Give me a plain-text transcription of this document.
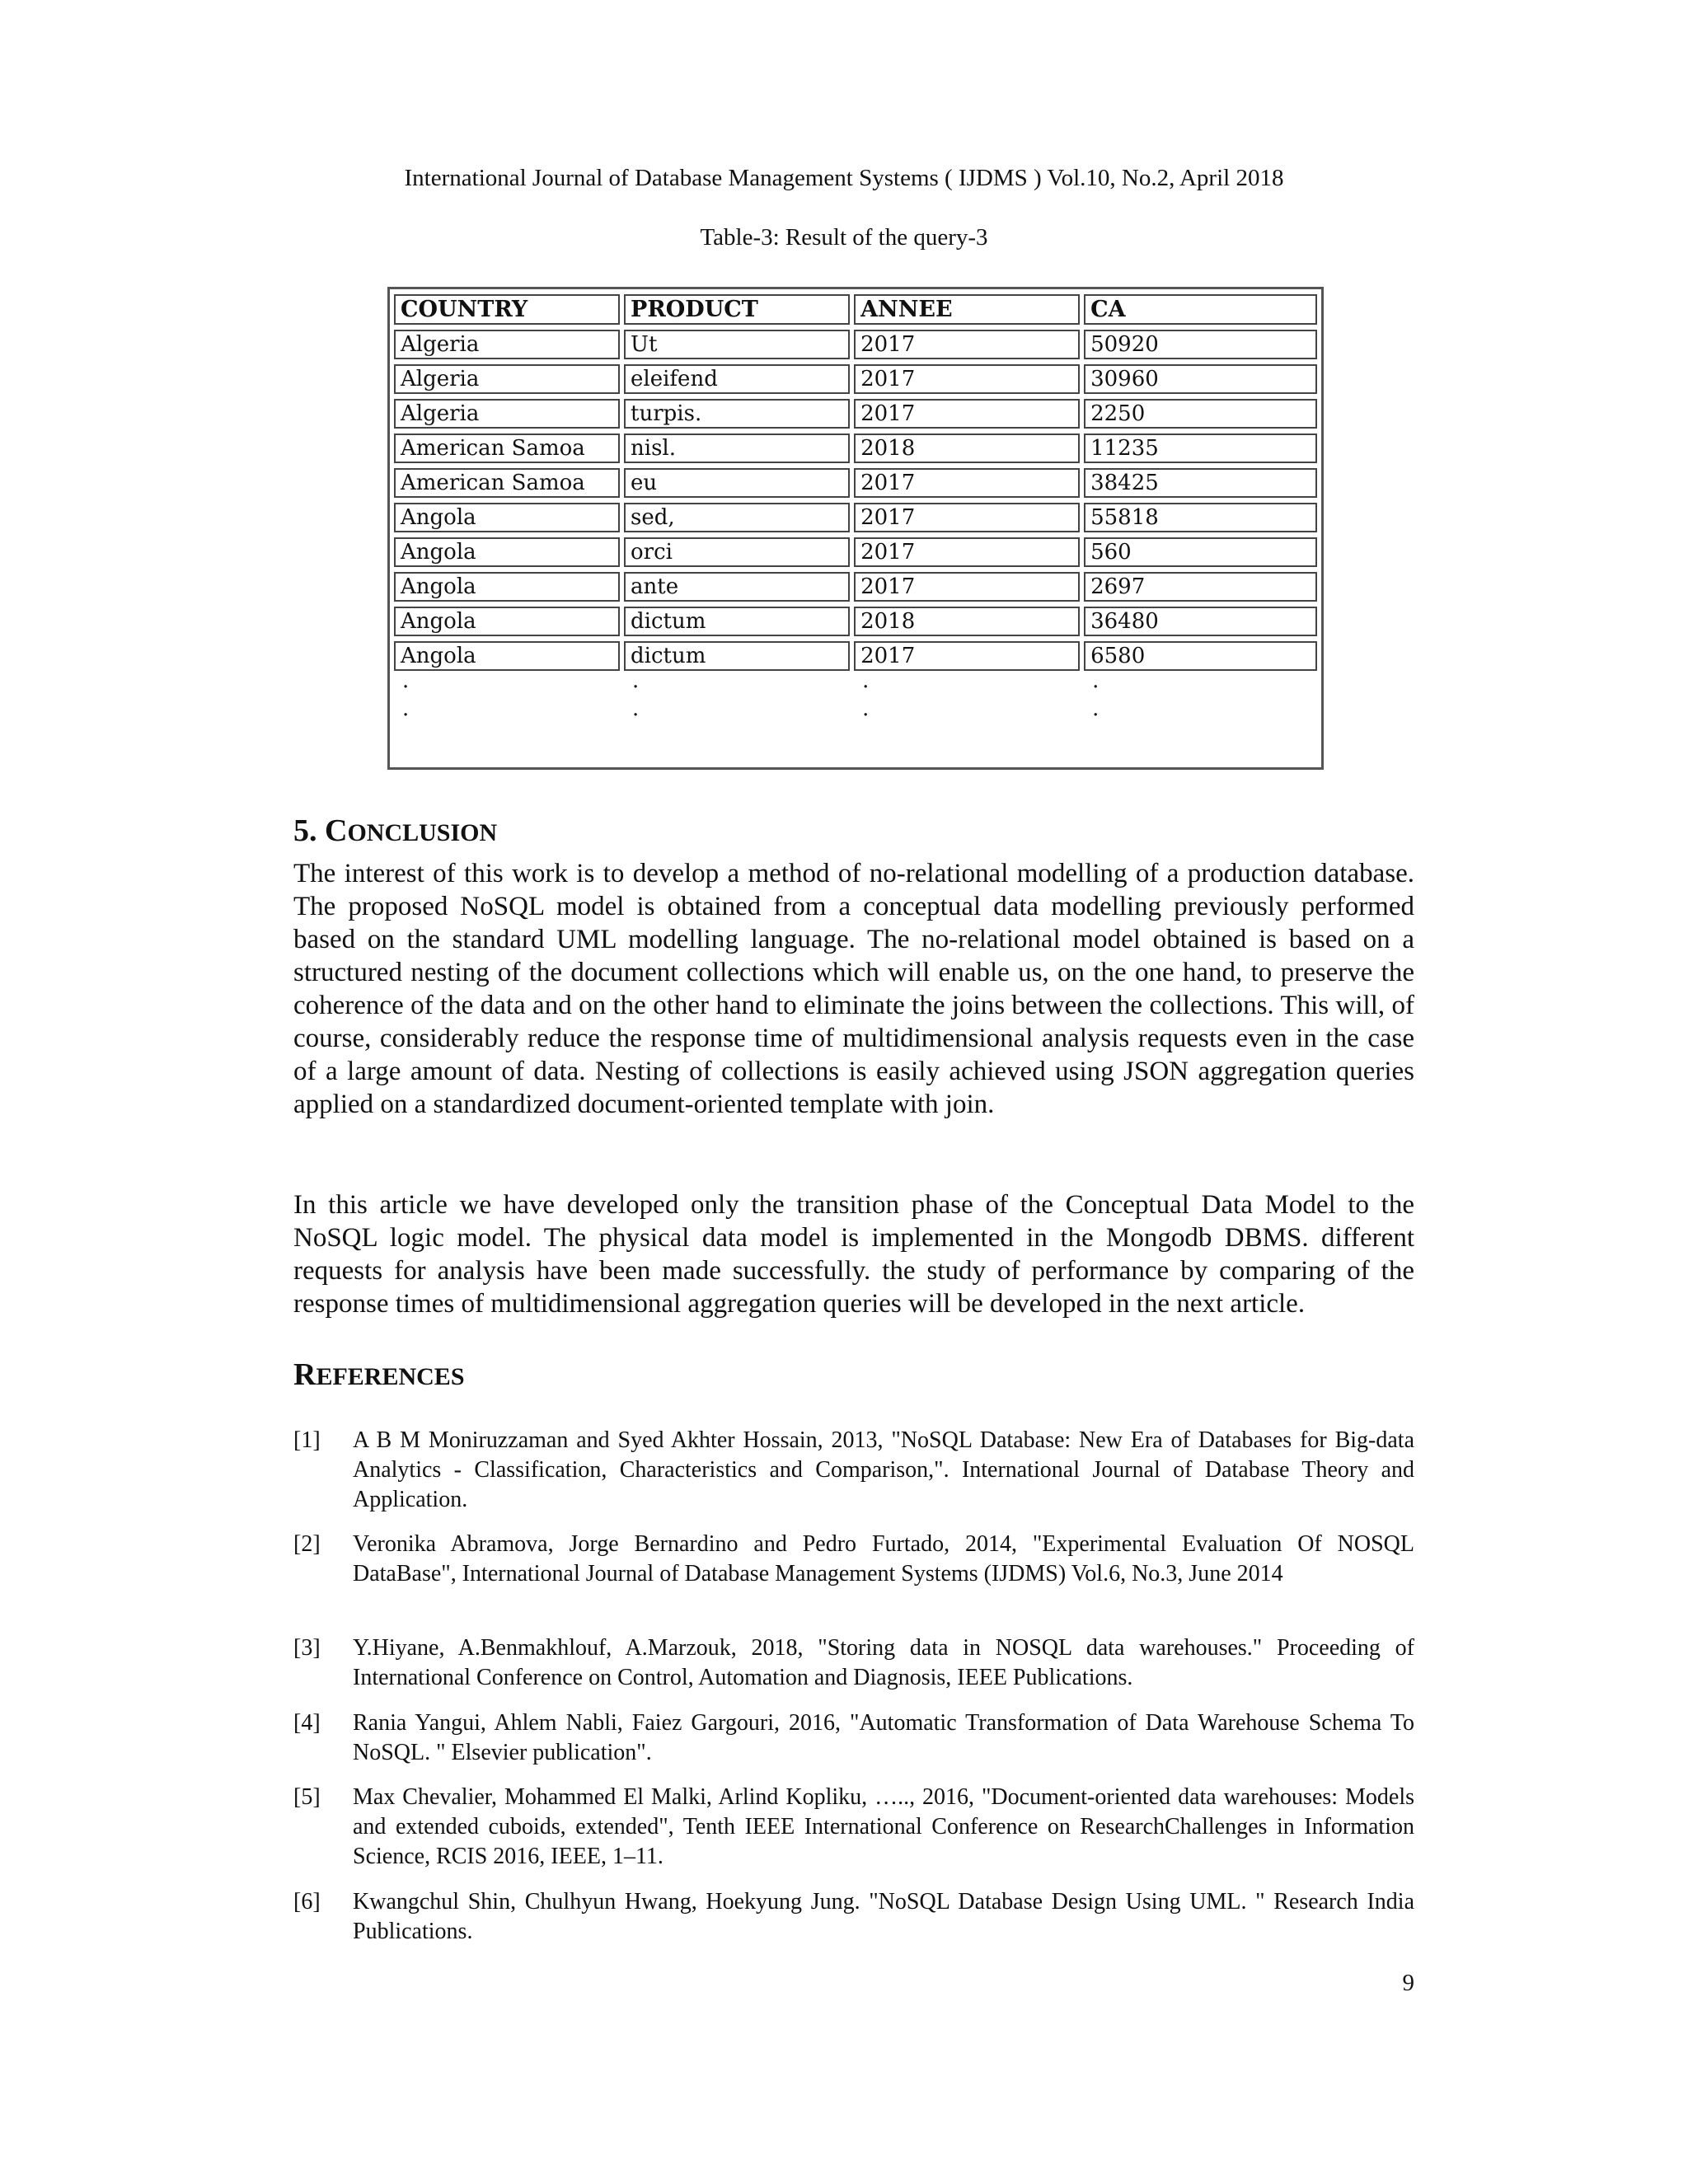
International Journal of Database Management Systems ( IJDMS ) Vol.10, No.2, April 2018
Table-3: Result of the query-3
COUNTRY	PRODUCT	ANNEE	CA
Algeria	Ut	2017	50920
Algeria	eleifend	2017	30960
Algeria	turpis.	2017	2250
American Samoa	nisl.	2018	11235
American Samoa	eu	2017	38425
Angola	sed,	2017	55818
Angola	orci	2017	560
Angola	ante	2017	2697
Angola	dictum	2018	36480
Angola	dictum	2017	6580
·	·	·	·
·	·	·	·
5. CONCLUSION

The interest of this work is to develop a method of no-relational modelling of a production database. The proposed NoSQL model is obtained from a conceptual data modelling previously performed based on the standard UML modelling language. The no-relational model obtained is based on a structured nesting of the document collections which will enable us, on the one hand, to preserve the coherence of the data and on the other hand to eliminate the joins between the collections. This will, of course, considerably reduce the response time of multidimensional analysis requests even in the case of a large amount of data. Nesting of collections is easily achieved using JSON aggregation queries applied on a standardized document-oriented template with join.

In this article we have developed only the transition phase of the Conceptual Data Model to the NoSQL logic model. The physical data model is implemented in the Mongodb DBMS. different requests for analysis have been made successfully. the study of performance by comparing of the response times of multidimensional aggregation queries will be developed in the next article.

REFERENCES
[1]	A B M Moniruzzaman and Syed Akhter Hossain, 2013, "NoSQL Database: New Era of Databases for Big-data Analytics - Classification, Characteristics and Comparison,". International Journal of Database Theory and Application.
[2]	Veronika Abramova, Jorge Bernardino and Pedro Furtado, 2014, "Experimental Evaluation Of NOSQL DataBase", International Journal of Database Management Systems (IJDMS) Vol.6, No.3, June 2014
[3]	Y.Hiyane, A.Benmakhlouf, A.Marzouk, 2018, "Storing data in NOSQL data warehouses." Proceeding of International Conference on Control, Automation and Diagnosis, IEEE Publications.
[4]	Rania Yangui, Ahlem Nabli, Faiez Gargouri, 2016, "Automatic Transformation of Data Warehouse Schema To NoSQL. " Elsevier publication".
[5]	Max Chevalier, Mohammed El Malki, Arlind Kopliku, ….., 2016, "Document-oriented data warehouses: Models and extended cuboids, extended", Tenth IEEE International Conference on ResearchChallenges in Information Science, RCIS 2016, IEEE, 1–11.
[6]	Kwangchul Shin, Chulhyun Hwang, Hoekyung Jung. "NoSQL Database Design Using UML. " Research India Publications.
9
